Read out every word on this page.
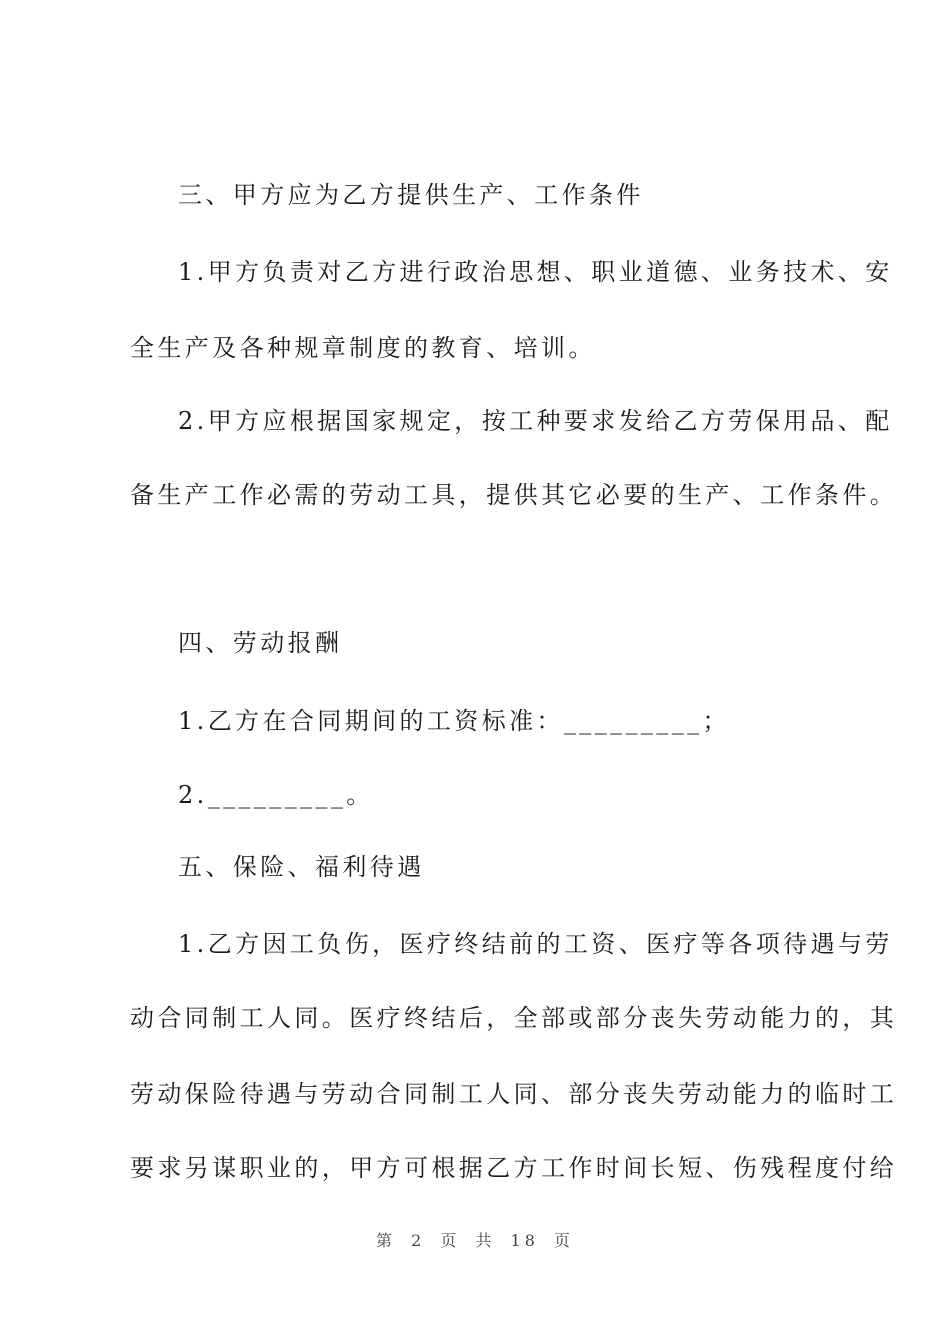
三、甲方应为乙方提供生产、工作条件
1.甲方负责对乙方进行政治思想、职业道德、业务技术、安
全生产及各种规章制度的教育、培训。
2.甲方应根据国家规定，按工种要求发给乙方劳保用品、配
备生产工作必需的劳动工具，提供其它必要的生产、工作条件。
四、劳动报酬
1.乙方在合同期间的工资标准：_________；
2._________。
五、保险、福利待遇
1.乙方因工负伤，医疗终结前的工资、医疗等各项待遇与劳
动合同制工人同。医疗终结后，全部或部分丧失劳动能力的，其
劳动保险待遇与劳动合同制工人同、部分丧失劳动能力的临时工
要求另谋职业的，甲方可根据乙方工作时间长短、伤残程度付给
第 2 页 共 18 页
